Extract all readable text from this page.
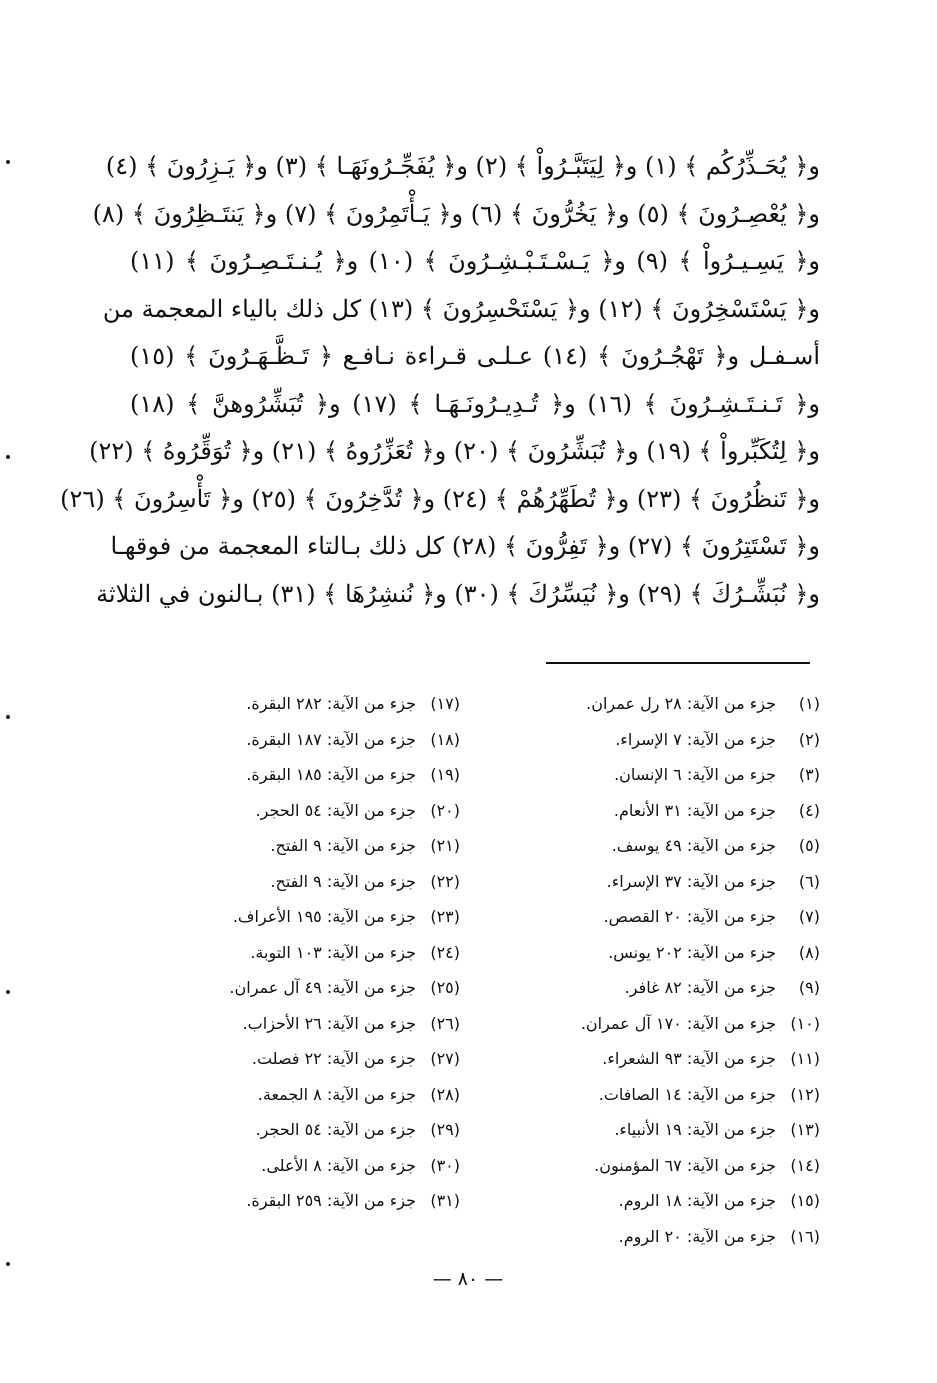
و﴿ يُحَـذِّرُكُم ﴾ (١) و﴿ لِيَتَبَّـرُواْ ﴾ (٢) و﴿ يُفَجِّـرُونَهَـا ﴾ (٣) و﴿ يَـزِرُونَ ﴾ (٤)
و﴿ يُعْصِـرُونَ ﴾ (٥) و﴿ يَخُرُّونَ ﴾ (٦) و﴿ يَـأْتَمِرُونَ ﴾ (٧) و﴿ يَنتَـظِرُونَ ﴾ (٨)
و﴿ يَسِـيـرُواْ ﴾ (٩) و﴿ يَـسْـتَـبْـشِـرُونَ ﴾ (١٠) و﴿ يُـنـتَـصِـرُونَ ﴾ (١١)
و﴿ يَسْتَسْخِرُونَ ﴾ (١٢) و﴿ يَسْتَحْسِرُونَ ﴾ (١٣) كل ذلك بالياء المعجمة من
أسـفـل و﴿ تَهْجُـرُونَ ﴾ (١٤) عـلـى قـراءة نـافـع ﴿ تَـظَّـهَـرُونَ ﴾ (١٥)
و﴿ تَـنـتَـشِـرُونَ ﴾ (١٦) و﴿ تُـدِيـرُونَـهَـا ﴾ (١٧) و﴿ تُبَشِّرُوهنَّ ﴾ (١٨)
و﴿ لِتُكَبِّرواْ ﴾ (١٩) و﴿ تُبَشِّرُونَ ﴾ (٢٠) و﴿ تُعَزِّرُوهُ ﴾ (٢١) و﴿ تُوَقِّرُوهُ ﴾ (٢٢)
و﴿ تَنظُرُونَ ﴾ (٢٣) و﴿ تُطَهِّرُهُمْ ﴾ (٢٤) و﴿ تُدَّخِرُونَ ﴾ (٢٥) و﴿ تَأْسِرُونَ ﴾ (٢٦)
و﴿ تَسْتَتِرُونَ ﴾ (٢٧) و﴿ تَفِرُّونَ ﴾ (٢٨) كل ذلك بـالتاء المعجمة من فوقهـا
و﴿ نُبَشِّـرُكَ ﴾ (٢٩) و﴿ نُيَسِّرُكَ ﴾ (٣٠) و﴿ نُنشِرُهَا ﴾ (٣١) بـالنون في الثلاثة
(١)جزء من الآية: ٢٨ رل عمران.
(٢)جزء من الآية: ٧ الإسراء.
(٣)جزء من الآية: ٦ الإنسان.
(٤)جزء من الآية: ٣١ الأنعام.
(٥)جزء من الآية: ٤٩ يوسف.
(٦)جزء من الآية: ٣٧ الإسراء.
(٧)جزء من الآية: ٢٠ القصص.
(٨)جزء من الآية: ٢٠٢ يونس.
(٩)جزء من الآية: ٨٢ غافر.
(١٠)جزء من الآية: ١٧٠ آل عمران.
(١١)جزء من الآية: ٩٣ الشعراء.
(١٢)جزء من الآية: ١٤ الصافات.
(١٣)جزء من الآية: ١٩ الأنبياء.
(١٤)جزء من الآية: ٦٧ المؤمنون.
(١٥)جزء من الآية: ١٨ الروم.
(١٦)جزء من الآية: ٢٠ الروم.
(١٧)جزء من الآية: ٢٨٢ البقرة.
(١٨)جزء من الآية: ١٨٧ البقرة.
(١٩)جزء من الآية: ١٨٥ البقرة.
(٢٠)جزء من الآية: ٥٤ الحجر.
(٢١)جزء من الآية: ٩ الفتح.
(٢٢)جزء من الآية: ٩ الفتح.
(٢٣)جزء من الآية: ١٩٥ الأعراف.
(٢٤)جزء من الآية: ١٠٣ التوبة.
(٢٥)جزء من الآية: ٤٩ آل عمران.
(٢٦)جزء من الآية: ٢٦ الأحزاب.
(٢٧)جزء من الآية: ٢٢ فصلت.
(٢٨)جزء من الآية: ٨ الجمعة.
(٢٩)جزء من الآية: ٥٤ الحجر.
(٣٠)جزء من الآية: ٨ الأعلى.
(٣١)جزء من الآية: ٢٥٩ البقرة.
— ٨٠ —
